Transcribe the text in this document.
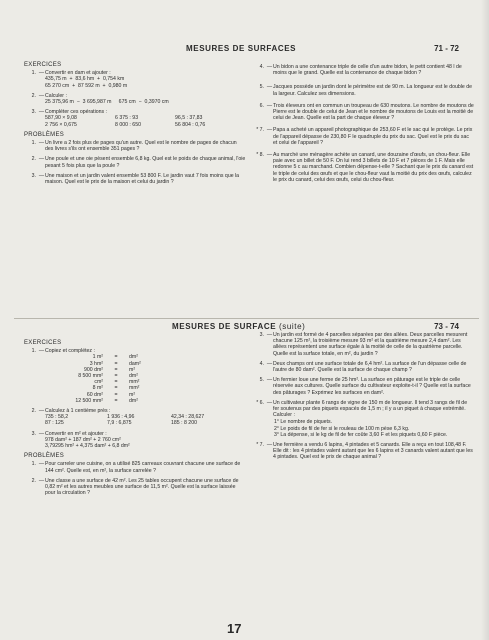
MESURES DE SURFACES	71 - 72
EXERCICES
1. — Convertir en dam et ajouter :
435,75 m  +  83,6 hm  +  0,754 km
65 270 cm  +  87 592 m  +  0,980 m
2. — Calculer :
25 375,96 m  −  3 695,987 m     675 cm  −  0,3970 cm
3. — Compléter ces opérations :
587,90 × 9,08	6 375 : 93	96,5 : 37,83
2 756 × 0,675	8 000 : 650	56 804 : 0,76
PROBLÈMES
1. — Un livre a 2 fois plus de pages qu'un autre. Quel est le nombre de pages de chacun des livres s'ils ont ensemble 351 pages ?
2. — Une poule et une oie pèsent ensemble 6,8 kg. Quel est le poids de chaque animal, l'oie pesant 5 fois plus que la poule ?
3. — Une maison et un jardin valent ensemble 53 800 F. Le jardin vaut 7 fois moins que la maison. Quel est le prix de la maison et celui du jardin ?
4. — Un bidon a une contenance triple de celle d'un autre bidon, le petit contient 48 l de moins que le grand. Quelle est la contenance de chaque bidon ?
5. — Jacques possède un jardin dont le périmètre est de 90 m. La longueur est le double de la largeur. Calculez ses dimensions.
6. — Trois éleveurs ont en commun un troupeau de 630 moutons. Le nombre de moutons de Pierre est le double de celui de Jean et le nombre de moutons de Louis est la moitié de celui de Jean. Quelle est la part de chaque éleveur ?
* 7. — Papa a acheté un appareil photographique de 253,60 F et le sac qui le protège. Le prix de l'appareil dépasse de 230,80 F le quadruple du prix du sac. Quel est le prix du sac et celui de l'appareil ?
* 8. — Au marché une ménagère achète un canard, une douzaine d'œufs, un chou-fleur. Elle paie avec un billet de 50 F. On lui rend 3 billets de 10 F et 7 pièces de 1 F. Mais elle redonne 5 c au marchand. Combien dépense-t-elle ? Sachant que le prix du canard est le triple de celui des œufs et que le chou-fleur vaut la moitié du prix des œufs, calculez le prix du canard, celui des œufs, celui du chou-fleur.
MESURES DE SURFACE (suite)	73 - 74
EXERCICES
1. — Copiez et complétez :
1 m²	=	dm²
3 hm²	=	dam²
900 dm²	=	m²
8 500 mm²	=	dm²
cm²	=	mm²
8 m²	=	mm²
60 dm²	=	m²
12 500 mm²	=	dm²
2. — Calculez à 1 centième près :
735 : 58,2	1 936 : 4,96	42,34 : 28,627
87 : 125	7,9 : 6,875	185 : 8 200
3. — Convertir en m² et ajouter :
978 dam² + 187 dm² + 2 760 cm²
3,79295 hm² + 4,375 dam² + 6,8 dm²
PROBLÈMES
1. — Pour carreler une cuisine, on a utilisé 825 carreaux couvrant chacune une surface de 144 cm². Quelle est, en m², la surface carrelée ?
2. — Une classe a une surface de 42 m². Les 25 tables occupent chacune une surface de 0,82 m² et les autres meubles une surface de 11,5 m². Quelle est la surface laissée pour la circulation ?
3. — Un jardin est formé de 4 parcelles séparées par des allées. Deux parcelles mesurent chacune 125 m², la troisième mesure 93 m² et la quatrième mesure 2,4 dam². Les allées représentent une surface égale à la moitié de celle de la quatrième parcelle. Quelle est la surface totale, en m², du jardin ?
4. — Deux champs ont une surface totale de 6,4 hm². La surface de l'un dépasse celle de l'autre de 80 dam². Quelle est la surface de chaque champ ?
5. — Un fermier loue une ferme de 25 hm². La surface en pâturage est le triple de celle réservée aux cultures. Quelle surface du cultivateur exploite-t-il ? Quelle est la surface des pâturages ? Exprimez les surfaces en dam².
* 6. — Un cultivateur plante 6 rangs de vigne de 150 m de longueur. Il tend 3 rangs de fil de fer soutenus par des piquets espacés de 1,5 m ; il y a un piquet à chaque extrémité. Calculer :
1° Le nombre de piquets.
2° Le poids de fil de fer si le rouleau de 100 m pèse 6,3 kg.
3° La dépense, si le kg de fil de fer coûte 3,60 F et les piquets 0,60 F pièce.
* 7. — Une fermière a vendu 6 lapins, 4 pintades et 5 canards. Elle a reçu en tout 108,48 F. Elle dit : les 4 pintades valent autant que les 6 lapins et 3 canards valent autant que les 4 pintades. Quel est le prix de chaque animal ?
17
